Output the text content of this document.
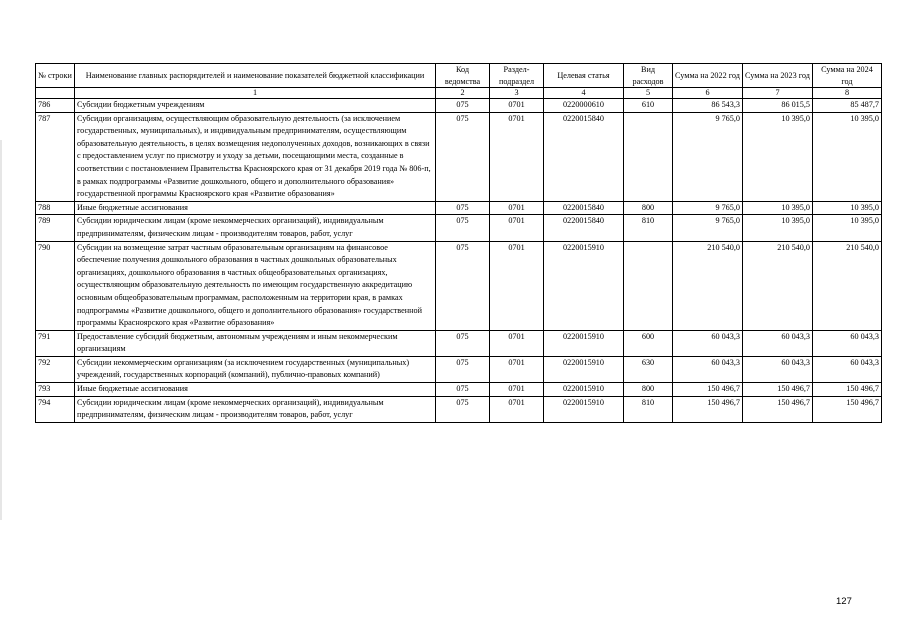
№ строки	Наименование главных распорядителей и наименование показателей бюджетной классификации	Код ведомства	Раздел-подраздел	Целевая статья	Вид расходов	Сумма на 2022 год	Сумма на 2023 год	Сумма на 2024 год
	1	2	3	4	5	6	7	8
786	Субсидии бюджетным учреждениям	075	0701	0220000610	610	86 543,3	86 015,5	85 487,7
787	Субсидии организациям, осуществляющим образовательную деятельность (за исключением государственных, муниципальных), и индивидуальным предпринимателям, осуществляющим образовательную деятельность, в целях возмещения недополученных доходов, возникающих в связи с предоставлением услуг по присмотру и уходу за детьми, посещающими места, созданные в соответствии с постановлением Правительства Красноярского края от 31 декабря 2019 года № 806-п, в рамках подпрограммы «Развитие дошкольного, общего и дополнительного образования» государственной программы Красноярского края «Развитие образования»	075	0701	0220015840		9 765,0	10 395,0	10 395,0
788	Иные бюджетные ассигнования	075	0701	0220015840	800	9 765,0	10 395,0	10 395,0
789	Субсидии юридическим лицам (кроме некоммерческих организаций), индивидуальным предпринимателям, физическим лицам - производителям товаров, работ, услуг	075	0701	0220015840	810	9 765,0	10 395,0	10 395,0
790	Субсидии на возмещение затрат частным образовательным организациям на финансовое обеспечение получения дошкольного образования в частных дошкольных образовательных организациях, дошкольного образования в частных общеобразовательных организациях, осуществляющим образовательную деятельность по имеющим государственную аккредитацию основным общеобразовательным программам, расположенным на территории края, в рамках подпрограммы «Развитие дошкольного, общего и дополнительного образования» государственной программы Красноярского края «Развитие образования»	075	0701	0220015910		210 540,0	210 540,0	210 540,0
791	Предоставление субсидий бюджетным, автономным учреждениям и иным некоммерческим организациям	075	0701	0220015910	600	60 043,3	60 043,3	60 043,3
792	Субсидии некоммерческим организациям (за исключением государственных (муниципальных) учреждений, государственных корпораций (компаний), публично-правовых компаний)	075	0701	0220015910	630	60 043,3	60 043,3	60 043,3
793	Иные бюджетные ассигнования	075	0701	0220015910	800	150 496,7	150 496,7	150 496,7
794	Субсидии юридическим лицам (кроме некоммерческих организаций), индивидуальным предпринимателям, физическим лицам - производителям товаров, работ, услуг	075	0701	0220015910	810	150 496,7	150 496,7	150 496,7
127
